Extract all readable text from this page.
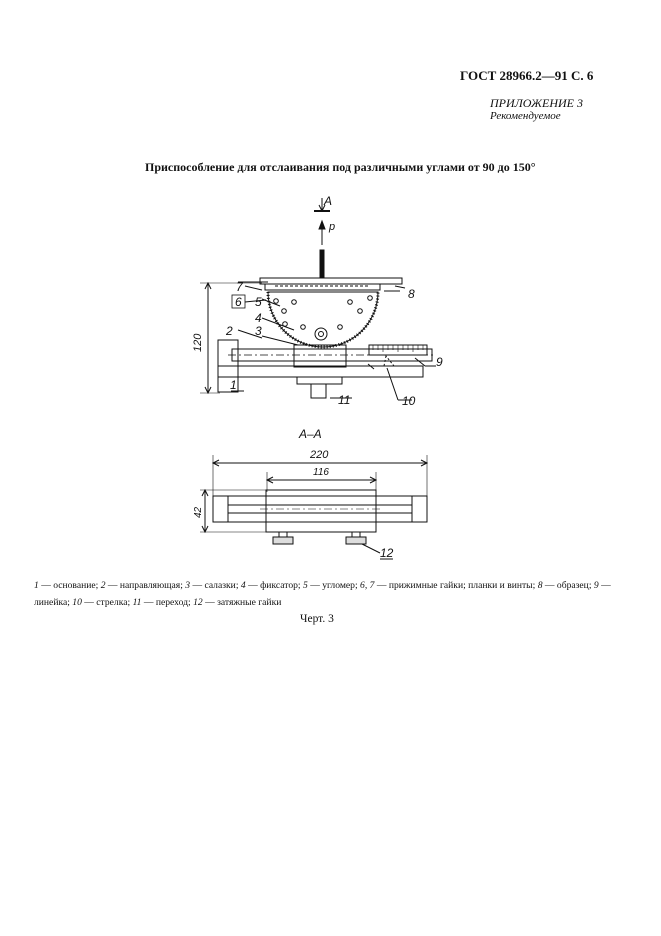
ГОСТ 28966.2—91 С. 6
ПРИЛОЖЕНИЕ 3
Рекомендуемое
Приспособление для отслаивания под различными углами от 90 до 150°
A
p
120
А–А
220
116
42
1
2 3
4
5
6
7	8
9
10
11
12
1 — основание; 2 — направляющая; 3 — салазки; 4 — фиксатор; 5 — угломер; 6, 7 — прижимные гайки; планки и винты; 8 — образец; 9 — линейка; 10 — стрелка; 11 — переход; 12 — затяжные гайки
Черт. 3
